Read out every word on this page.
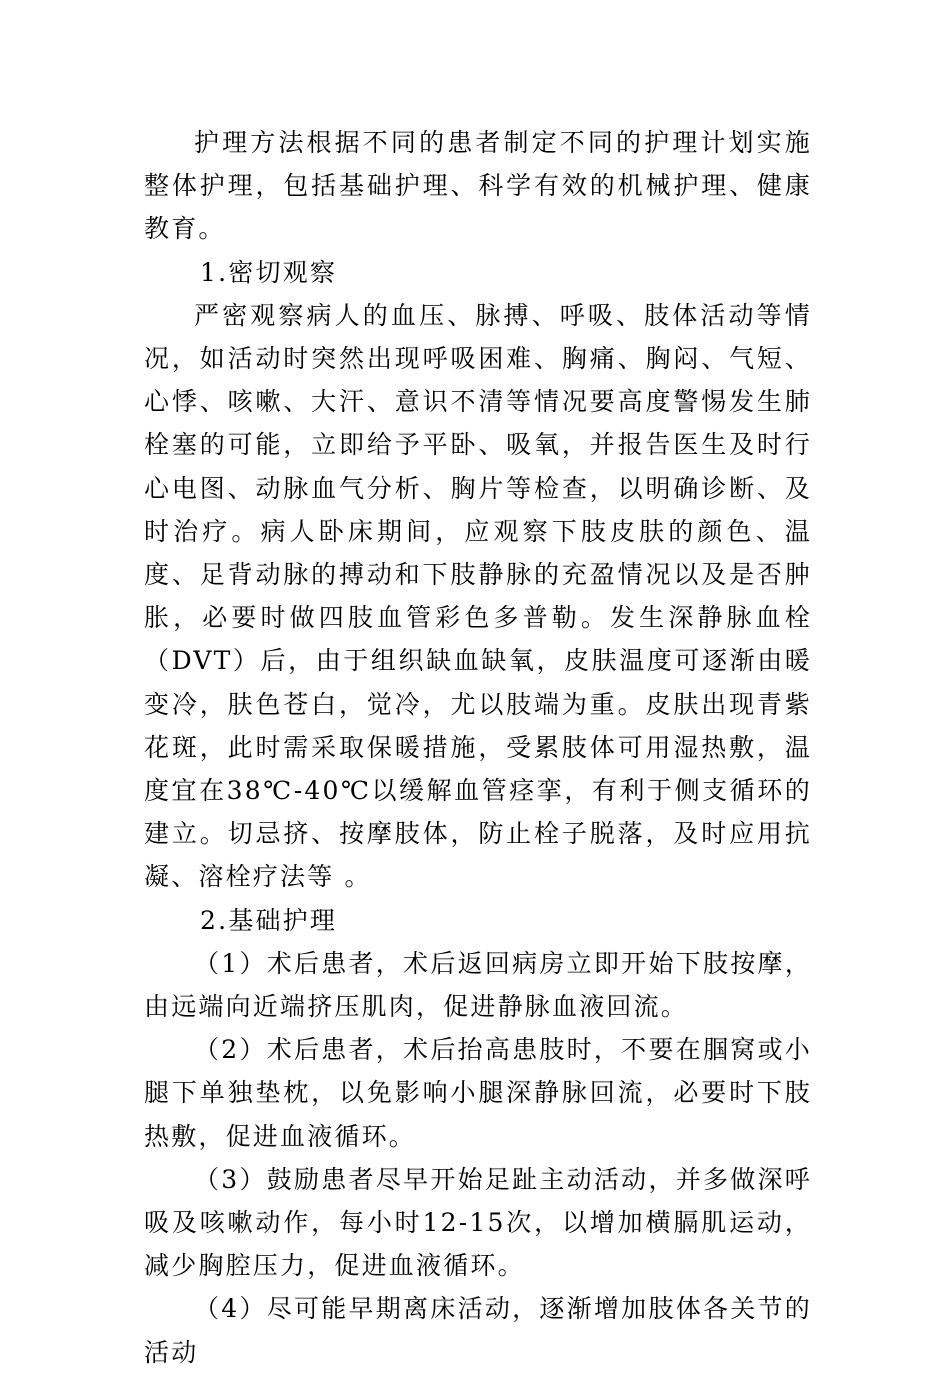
护理方法根据不同的患者制定不同的护理计划实施整体护理，包括基础护理、科学有效的机械护理、健康教育。

1.密切观察

严密观察病人的血压、脉搏、呼吸、肢体活动等情况，如活动时突然出现呼吸困难、胸痛、胸闷、气短、心悸、咳嗽、大汗、意识不清等情况要高度警惕发生肺栓塞的可能，立即给予平卧、吸氧，并报告医生及时行心电图、动脉血气分析、胸片等检查，以明确诊断、及时治疗。病人卧床期间，应观察下肢皮肤的颜色、温度、足背动脉的搏动和下肢静脉的充盈情况以及是否肿胀，必要时做四肢血管彩色多普勒。发生深静脉血栓（DVT）后，由于组织缺血缺氧，皮肤温度可逐渐由暖变冷，肤色苍白，觉冷，尤以肢端为重。皮肤出现青紫花斑，此时需采取保暖措施，受累肢体可用湿热敷，温度宜在38℃-40℃以缓解血管痉挛，有利于侧支循环的建立。切忌挤、按摩肢体，防止栓子脱落，及时应用抗凝、溶栓疗法等 。

2.基础护理

（1）术后患者，术后返回病房立即开始下肢按摩，由远端向近端挤压肌肉，促进静脉血液回流。

（2）术后患者，术后抬高患肢时，不要在腘窝或小腿下单独垫枕，以免影响小腿深静脉回流，必要时下肢热敷，促进血液循环。

（3）鼓励患者尽早开始足趾主动活动，并多做深呼吸及咳嗽动作，每小时12-15次，以增加横膈肌运动，减少胸腔压力，促进血液循环。

（4）尽可能早期离床活动，逐渐增加肢体各关节的活动
